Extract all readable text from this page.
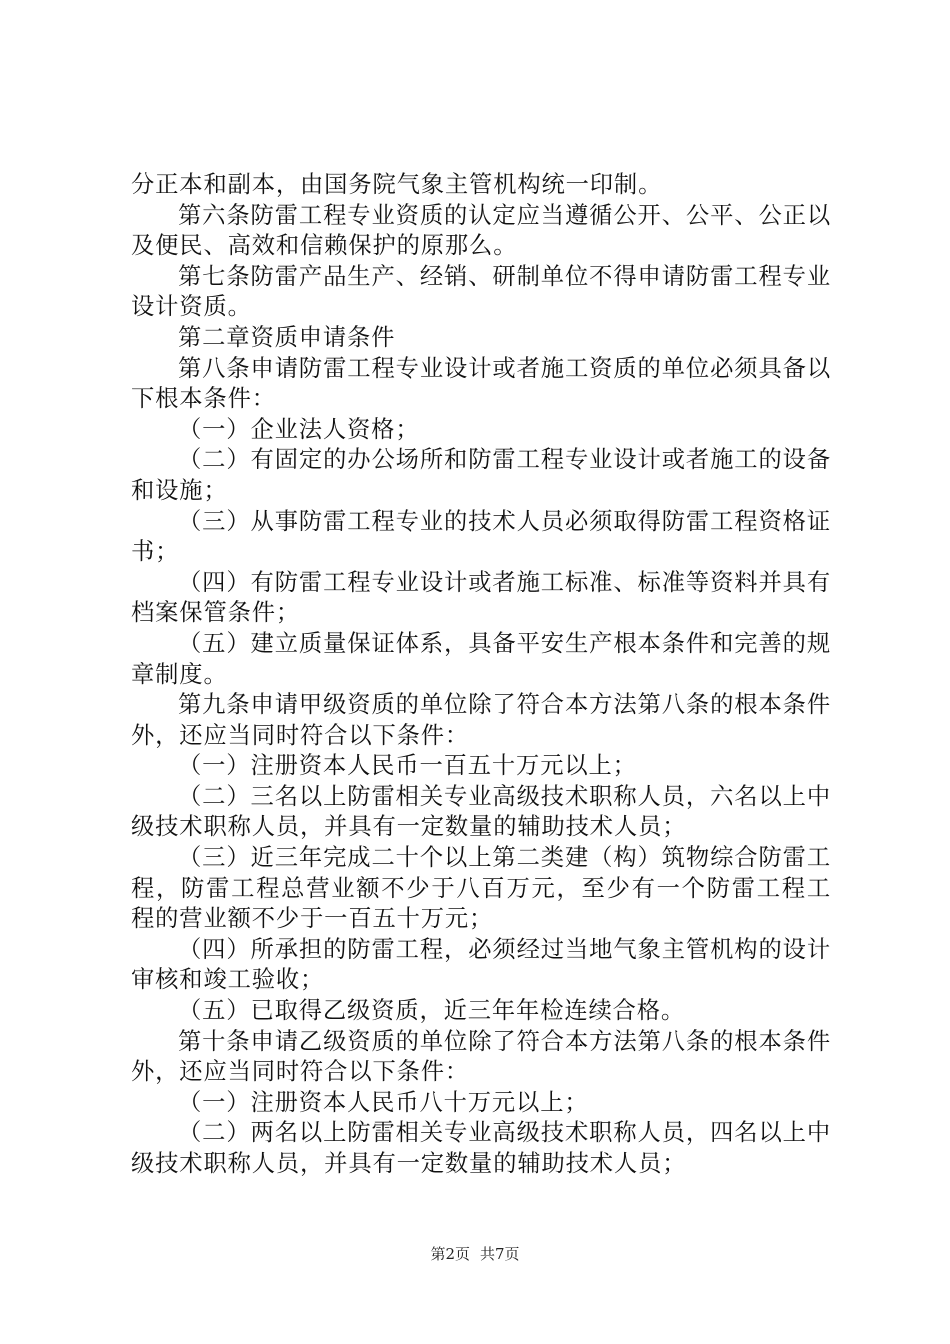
分正本和副本，由国务院气象主管机构统一印制。

第六条防雷工程专业资质的认定应当遵循公开、公平、公正以及便民、高效和信赖保护的原那么。

第七条防雷产品生产、经销、研制单位不得申请防雷工程专业设计资质。

第二章资质申请条件

第八条申请防雷工程专业设计或者施工资质的单位必须具备以下根本条件：

（一）企业法人资格；

（二）有固定的办公场所和防雷工程专业设计或者施工的设备和设施；

（三）从事防雷工程专业的技术人员必须取得防雷工程资格证书；

（四）有防雷工程专业设计或者施工标准、标准等资料并具有档案保管条件；

（五）建立质量保证体系，具备平安生产根本条件和完善的规章制度。

第九条申请甲级资质的单位除了符合本方法第八条的根本条件外，还应当同时符合以下条件：

（一）注册资本人民币一百五十万元以上；

（二）三名以上防雷相关专业高级技术职称人员，六名以上中级技术职称人员，并具有一定数量的辅助技术人员；

（三）近三年完成二十个以上第二类建（构）筑物综合防雷工程，防雷工程总营业额不少于八百万元，至少有一个防雷工程工程的营业额不少于一百五十万元；

（四）所承担的防雷工程，必须经过当地气象主管机构的设计审核和竣工验收；

（五）已取得乙级资质，近三年年检连续合格。

第十条申请乙级资质的单位除了符合本方法第八条的根本条件外，还应当同时符合以下条件：

（一）注册资本人民币八十万元以上；

（二）两名以上防雷相关专业高级技术职称人员，四名以上中级技术职称人员，并具有一定数量的辅助技术人员；

第2页 共7页
